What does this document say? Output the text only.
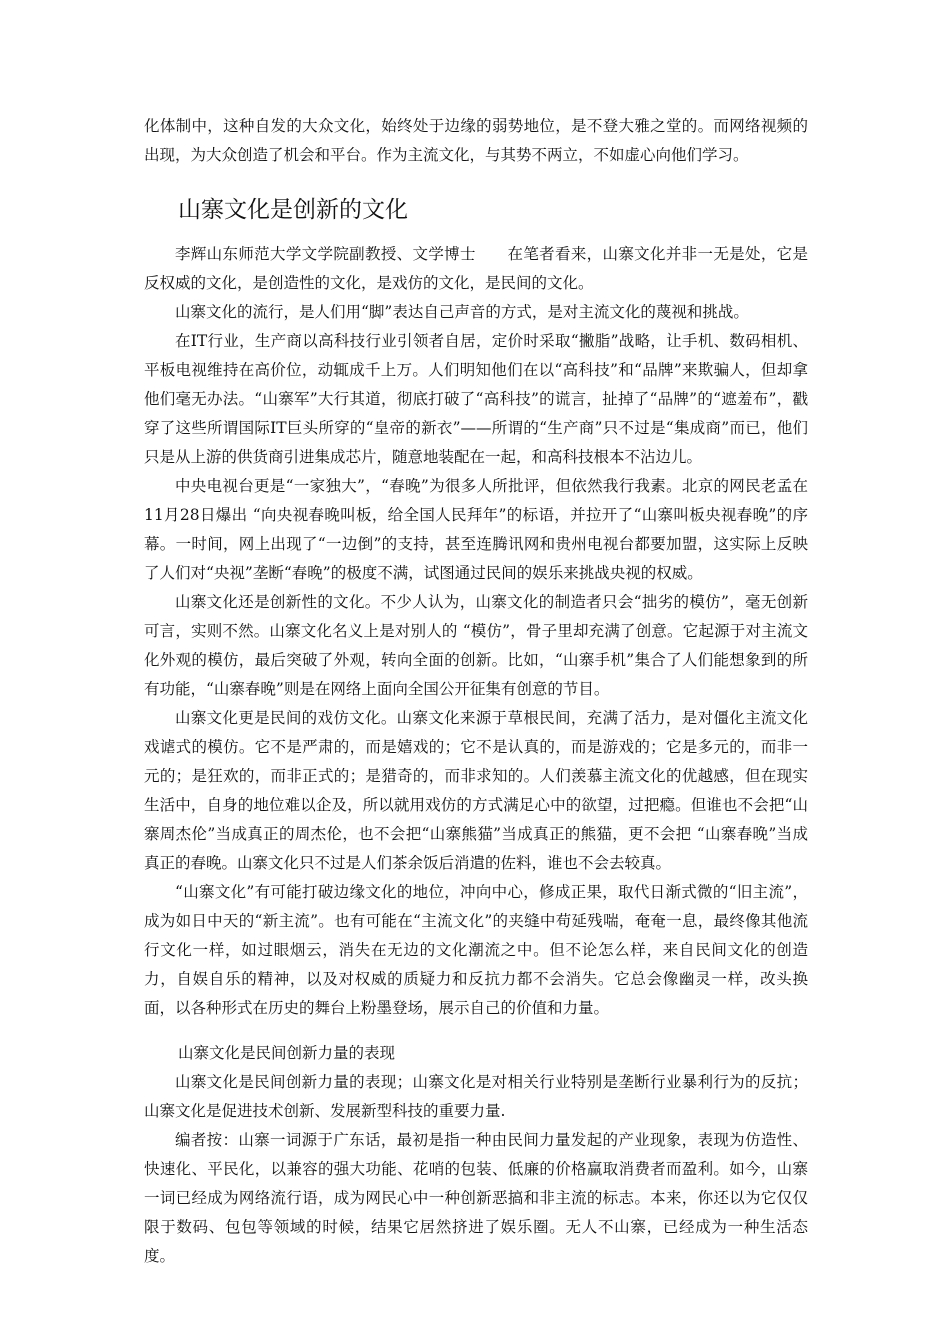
化体制中，这种自发的大众文化，始终处于边缘的弱势地位，是不登大雅之堂的。而网络视频的出现，为大众创造了机会和平台。作为主流文化，与其势不两立，不如虚心向他们学习。

山寨文化是创新的文化

李辉山东师范大学文学院副教授、文学博士　　在笔者看来，山寨文化并非一无是处，它是反权威的文化，是创造性的文化，是戏仿的文化，是民间的文化。

山寨文化的流行，是人们用“脚”表达自己声音的方式，是对主流文化的蔑视和挑战。

在IT行业，生产商以高科技行业引领者自居，定价时采取“撇脂”战略，让手机、数码相机、平板电视维持在高价位，动辄成千上万。人们明知他们在以“高科技”和“品牌”来欺骗人，但却拿他们毫无办法。“山寨军”大行其道，彻底打破了“高科技”的谎言，扯掉了“品牌”的“遮羞布”，戳穿了这些所谓国际IT巨头所穿的“皇帝的新衣”——所谓的“生产商”只不过是“集成商”而已，他们只是从上游的供货商引进集成芯片，随意地装配在一起，和高科技根本不沾边儿。

中央电视台更是“一家独大”，“春晚”为很多人所批评，但依然我行我素。北京的网民老孟在11月28日爆出 “向央视春晚叫板，给全国人民拜年”的标语，并拉开了“山寨叫板央视春晚”的序幕。一时间，网上出现了“一边倒”的支持，甚至连腾讯网和贵州电视台都要加盟，这实际上反映了人们对“央视”垄断“春晚”的极度不满，试图通过民间的娱乐来挑战央视的权威。

山寨文化还是创新性的文化。不少人认为，山寨文化的制造者只会“拙劣的模仿”，毫无创新可言，实则不然。山寨文化名义上是对别人的 “模仿”，骨子里却充满了创意。它起源于对主流文化外观的模仿，最后突破了外观，转向全面的创新。比如，“山寨手机”集合了人们能想象到的所有功能，“山寨春晚”则是在网络上面向全国公开征集有创意的节目。

山寨文化更是民间的戏仿文化。山寨文化来源于草根民间，充满了活力，是对僵化主流文化戏谑式的模仿。它不是严肃的，而是嬉戏的；它不是认真的，而是游戏的；它是多元的，而非一元的；是狂欢的，而非正式的；是猎奇的，而非求知的。人们羡慕主流文化的优越感，但在现实生活中，自身的地位难以企及，所以就用戏仿的方式满足心中的欲望，过把瘾。但谁也不会把“山寨周杰伦”当成真正的周杰伦，也不会把“山寨熊猫”当成真正的熊猫，更不会把 “山寨春晚”当成真正的春晚。山寨文化只不过是人们茶余饭后消遣的佐料，谁也不会去较真。

“山寨文化”有可能打破边缘文化的地位，冲向中心，修成正果，取代日渐式微的“旧主流”，成为如日中天的“新主流”。也有可能在“主流文化”的夹缝中苟延残喘，奄奄一息，最终像其他流行文化一样，如过眼烟云，消失在无边的文化潮流之中。但不论怎么样，来自民间文化的创造力，自娱自乐的精神，以及对权威的质疑力和反抗力都不会消失。它总会像幽灵一样，改头换面，以各种形式在历史的舞台上粉墨登场，展示自己的价值和力量。

山寨文化是民间创新力量的表现

山寨文化是民间创新力量的表现；山寨文化是对相关行业特别是垄断行业暴利行为的反抗；山寨文化是促进技术创新、发展新型科技的重要力量.

编者按：山寨一词源于广东话，最初是指一种由民间力量发起的产业现象，表现为仿造性、快速化、平民化，以兼容的强大功能、花哨的包装、低廉的价格赢取消费者而盈利。如今，山寨一词已经成为网络流行语，成为网民心中一种创新恶搞和非主流的标志。本来，你还以为它仅仅限于数码、包包等领域的时候，结果它居然挤进了娱乐圈。无人不山寨，已经成为一种生活态度。
